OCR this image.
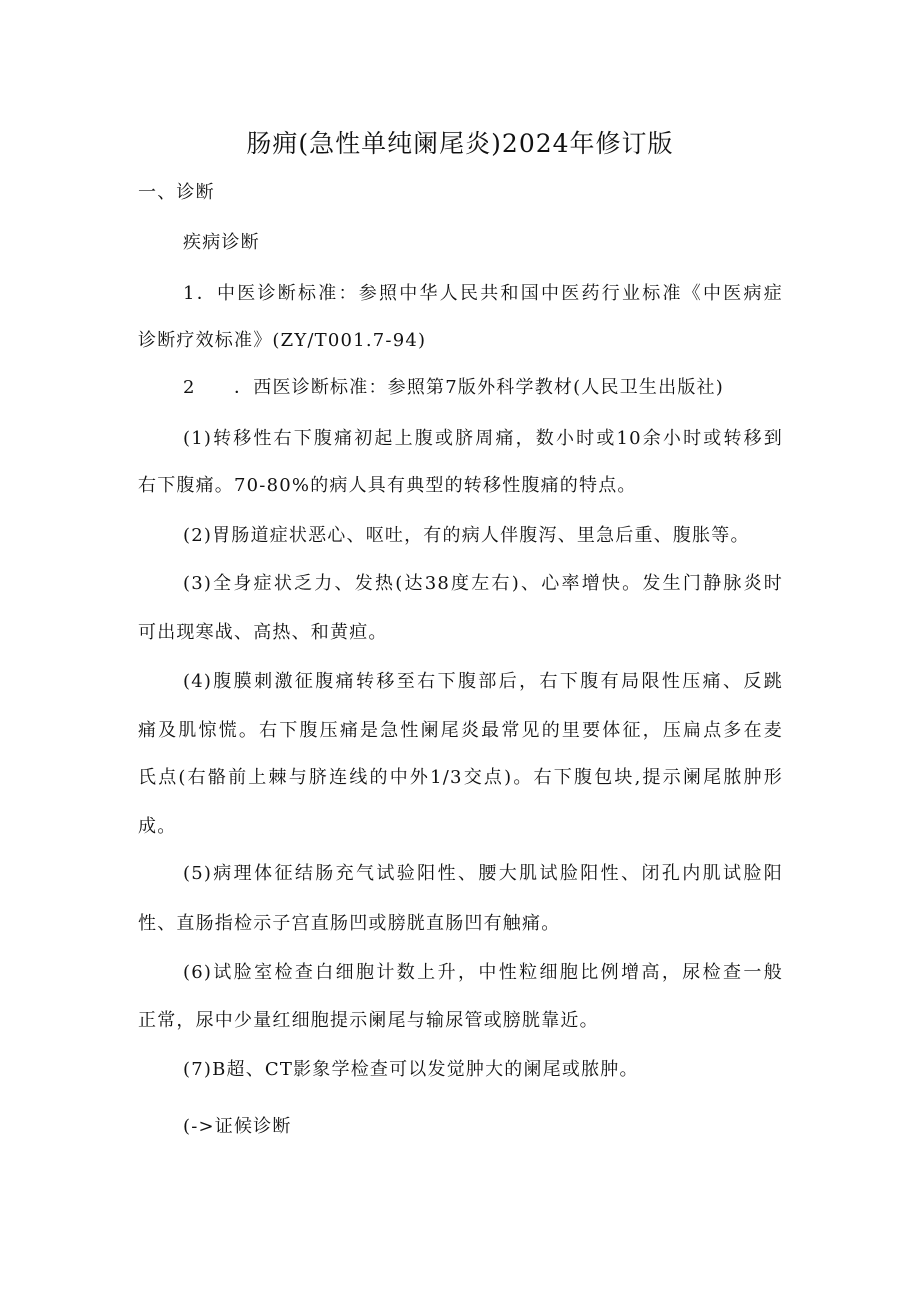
肠痈(急性单纯阑尾炎)2024年修订版
一、诊断
疾病诊断
1．中医诊断标准：参照中华人民共和国中医药行业标准《中医病症
诊断疗效标准》(ZY/T001.7-94)
2　　．西医诊断标准：参照第7版外科学教材(人民卫生出版社)
(1)转移性右下腹痛初起上腹或脐周痛，数小时或10余小时或转移到
右下腹痛。70-80%的病人具有典型的转移性腹痛的特点。
(2)胃肠道症状恶心、呕吐，有的病人伴腹泻、里急后重、腹胀等。
(3)全身症状乏力、发热(达38度左右)、心率增快。发生门静脉炎时
可出现寒战、高热、和黄疸。
(4)腹膜刺激征腹痛转移至右下腹部后，右下腹有局限性压痛、反跳
痛及肌惊慌。右下腹压痛是急性阑尾炎最常见的里要体征，压扁点多在麦
氏点(右骼前上棘与脐连线的中外1/3交点)。右下腹包块,提示阑尾脓肿形
成。
(5)病理体征结肠充气试验阳性、腰大肌试脸阳性、闭孔内肌试脸阳
性、直肠指检示子宫直肠凹或膀胱直肠凹有触痛。
(6)试脸室检查白细胞计数上升，中性粒细胞比例增高，尿检查一般
正常，尿中少量红细胞提示阑尾与输尿管或膀胱靠近。
(7)B超、CT影象学检查可以发觉肿大的阑尾或脓肿。
(->证候诊断
